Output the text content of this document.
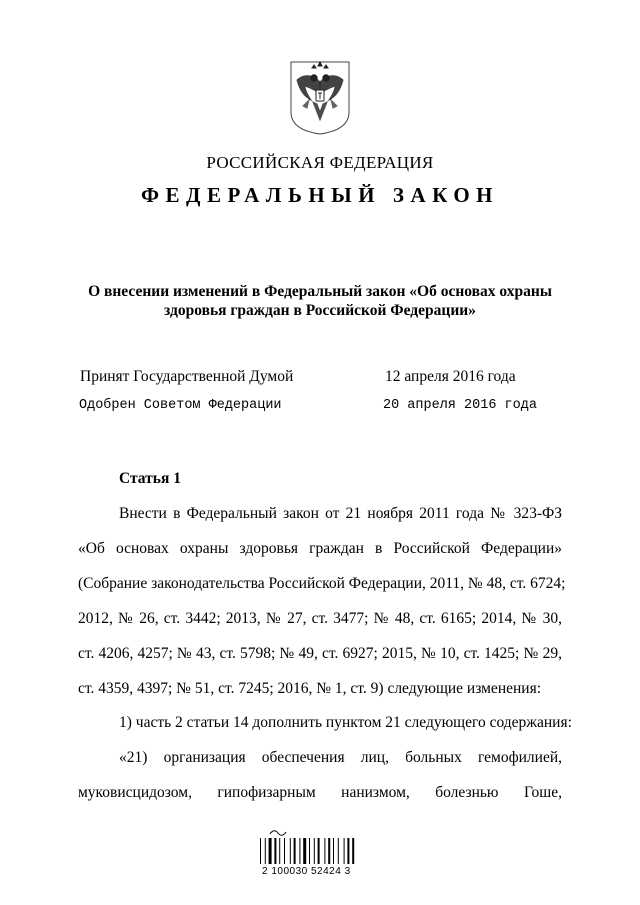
РОССИЙСКАЯ ФЕДЕРАЦИЯ
ФЕДЕРАЛЬНЫЙ ЗАКОН
О внесении изменений в Федеральный закон «Об основах охраны
здоровья граждан в Российской Федерации»
Принят Государственной Думой	12 апреля 2016 года
Одобрен Советом Федерации	20 апреля 2016 года
Статья 1
Внести в Федеральный закон от 21 ноября 2011 года № 323-ФЗ
«Об основах охраны здоровья граждан в Российской Федерации»
(Собрание законодательства Российской Федерации, 2011, № 48, ст. 6724;
2012, № 26, ст. 3442; 2013, № 27, ст. 3477; № 48, ст. 6165; 2014, № 30,
ст. 4206, 4257; № 43, ст. 5798; № 49, ст. 6927; 2015, № 10, ст. 1425; № 29,
ст. 4359, 4397; № 51, ст. 7245; 2016, № 1, ст. 9) следующие изменения:
1) часть 2 статьи 14 дополнить пунктом 21 следующего содержания:
«21) организация обеспечения лиц, больных гемофилией,
муковисцидозом, гипофизарным нанизмом, болезнью Гоше,
2 100030 52424 3
